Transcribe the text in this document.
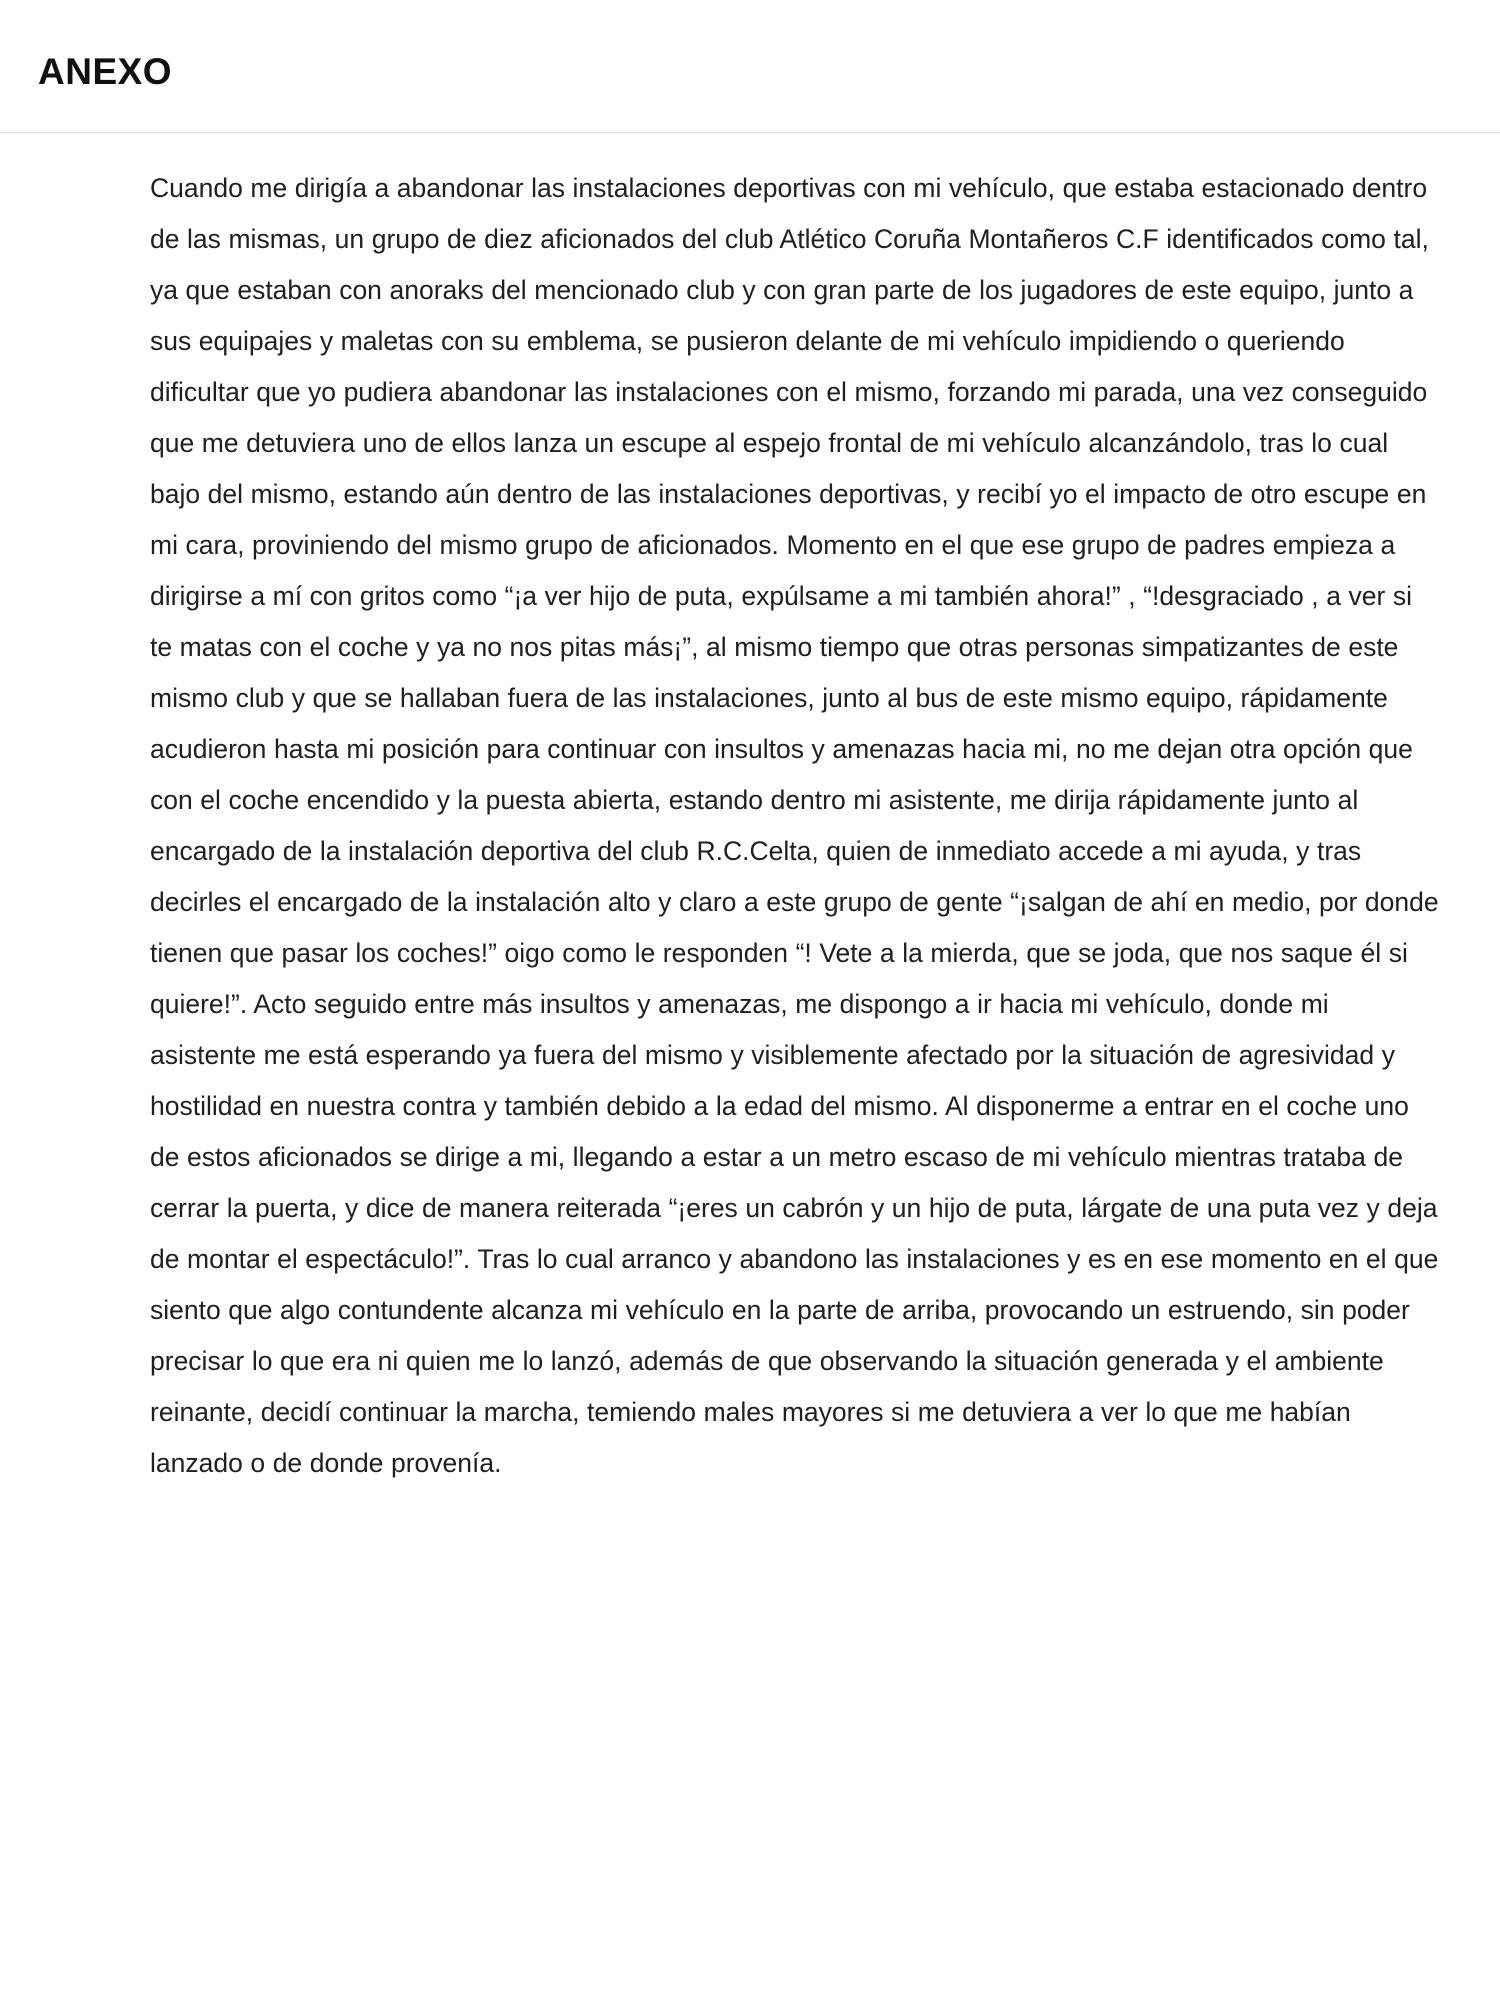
ANEXO

Cuando me dirigía a abandonar las instalaciones deportivas con mi vehículo, que estaba estacionado dentro de las mismas, un grupo de diez aficionados del club Atlético Coruña Montañeros C.F identificados como tal, ya que estaban con anoraks del mencionado club y con gran parte de los jugadores de este equipo, junto a sus equipajes y maletas con su emblema, se pusieron delante de mi vehículo impidiendo o queriendo dificultar que yo pudiera abandonar las instalaciones con el mismo, forzando mi parada, una vez conseguido que me detuviera uno de ellos lanza un escupe al espejo frontal de mi vehículo alcanzándolo, tras lo cual bajo del mismo, estando aún dentro de las instalaciones deportivas, y recibí yo el impacto de otro escupe en mi cara, proviniendo del mismo grupo de aficionados. Momento en el que ese grupo de padres empieza a dirigirse a mí con gritos como “¡a ver hijo de puta, expúlsame a mi también ahora!” , “!desgraciado , a ver si te matas con el coche y ya no nos pitas más¡”, al mismo tiempo que otras personas simpatizantes de este mismo club y que se hallaban fuera de las instalaciones, junto al bus de este mismo equipo, rápidamente acudieron hasta mi posición para continuar con insultos y amenazas hacia mi, no me dejan otra opción que con el coche encendido y la puesta abierta, estando dentro mi asistente, me dirija rápidamente junto al encargado de la instalación deportiva del club R.C.Celta, quien de inmediato accede a mi ayuda, y tras decirles el encargado de la instalación alto y claro a este grupo de gente “¡salgan de ahí en medio, por donde tienen que pasar los coches!” oigo como le responden “! Vete a la mierda, que se joda, que nos saque él si quiere!”. Acto seguido entre más insultos y amenazas, me dispongo a ir hacia mi vehículo, donde mi asistente me está esperando ya fuera del mismo y visiblemente afectado por la situación de agresividad y hostilidad en nuestra contra y también debido a la edad del mismo. Al disponerme a entrar en el coche uno de estos aficionados se dirige a mi, llegando a estar a un metro escaso de mi vehículo mientras trataba de cerrar la puerta, y dice de manera reiterada “¡eres un cabrón y un hijo de puta, lárgate de una puta vez y deja de montar el espectáculo!”. Tras lo cual arranco y abandono las instalaciones y es en ese momento en el que siento que algo contundente alcanza mi vehículo en la parte de arriba, provocando un estruendo, sin poder precisar lo que era ni quien me lo lanzó, además de que observando la situación generada y el ambiente reinante, decidí continuar la marcha, temiendo males mayores si me detuviera a ver lo que me habían lanzado o de donde provenía.
